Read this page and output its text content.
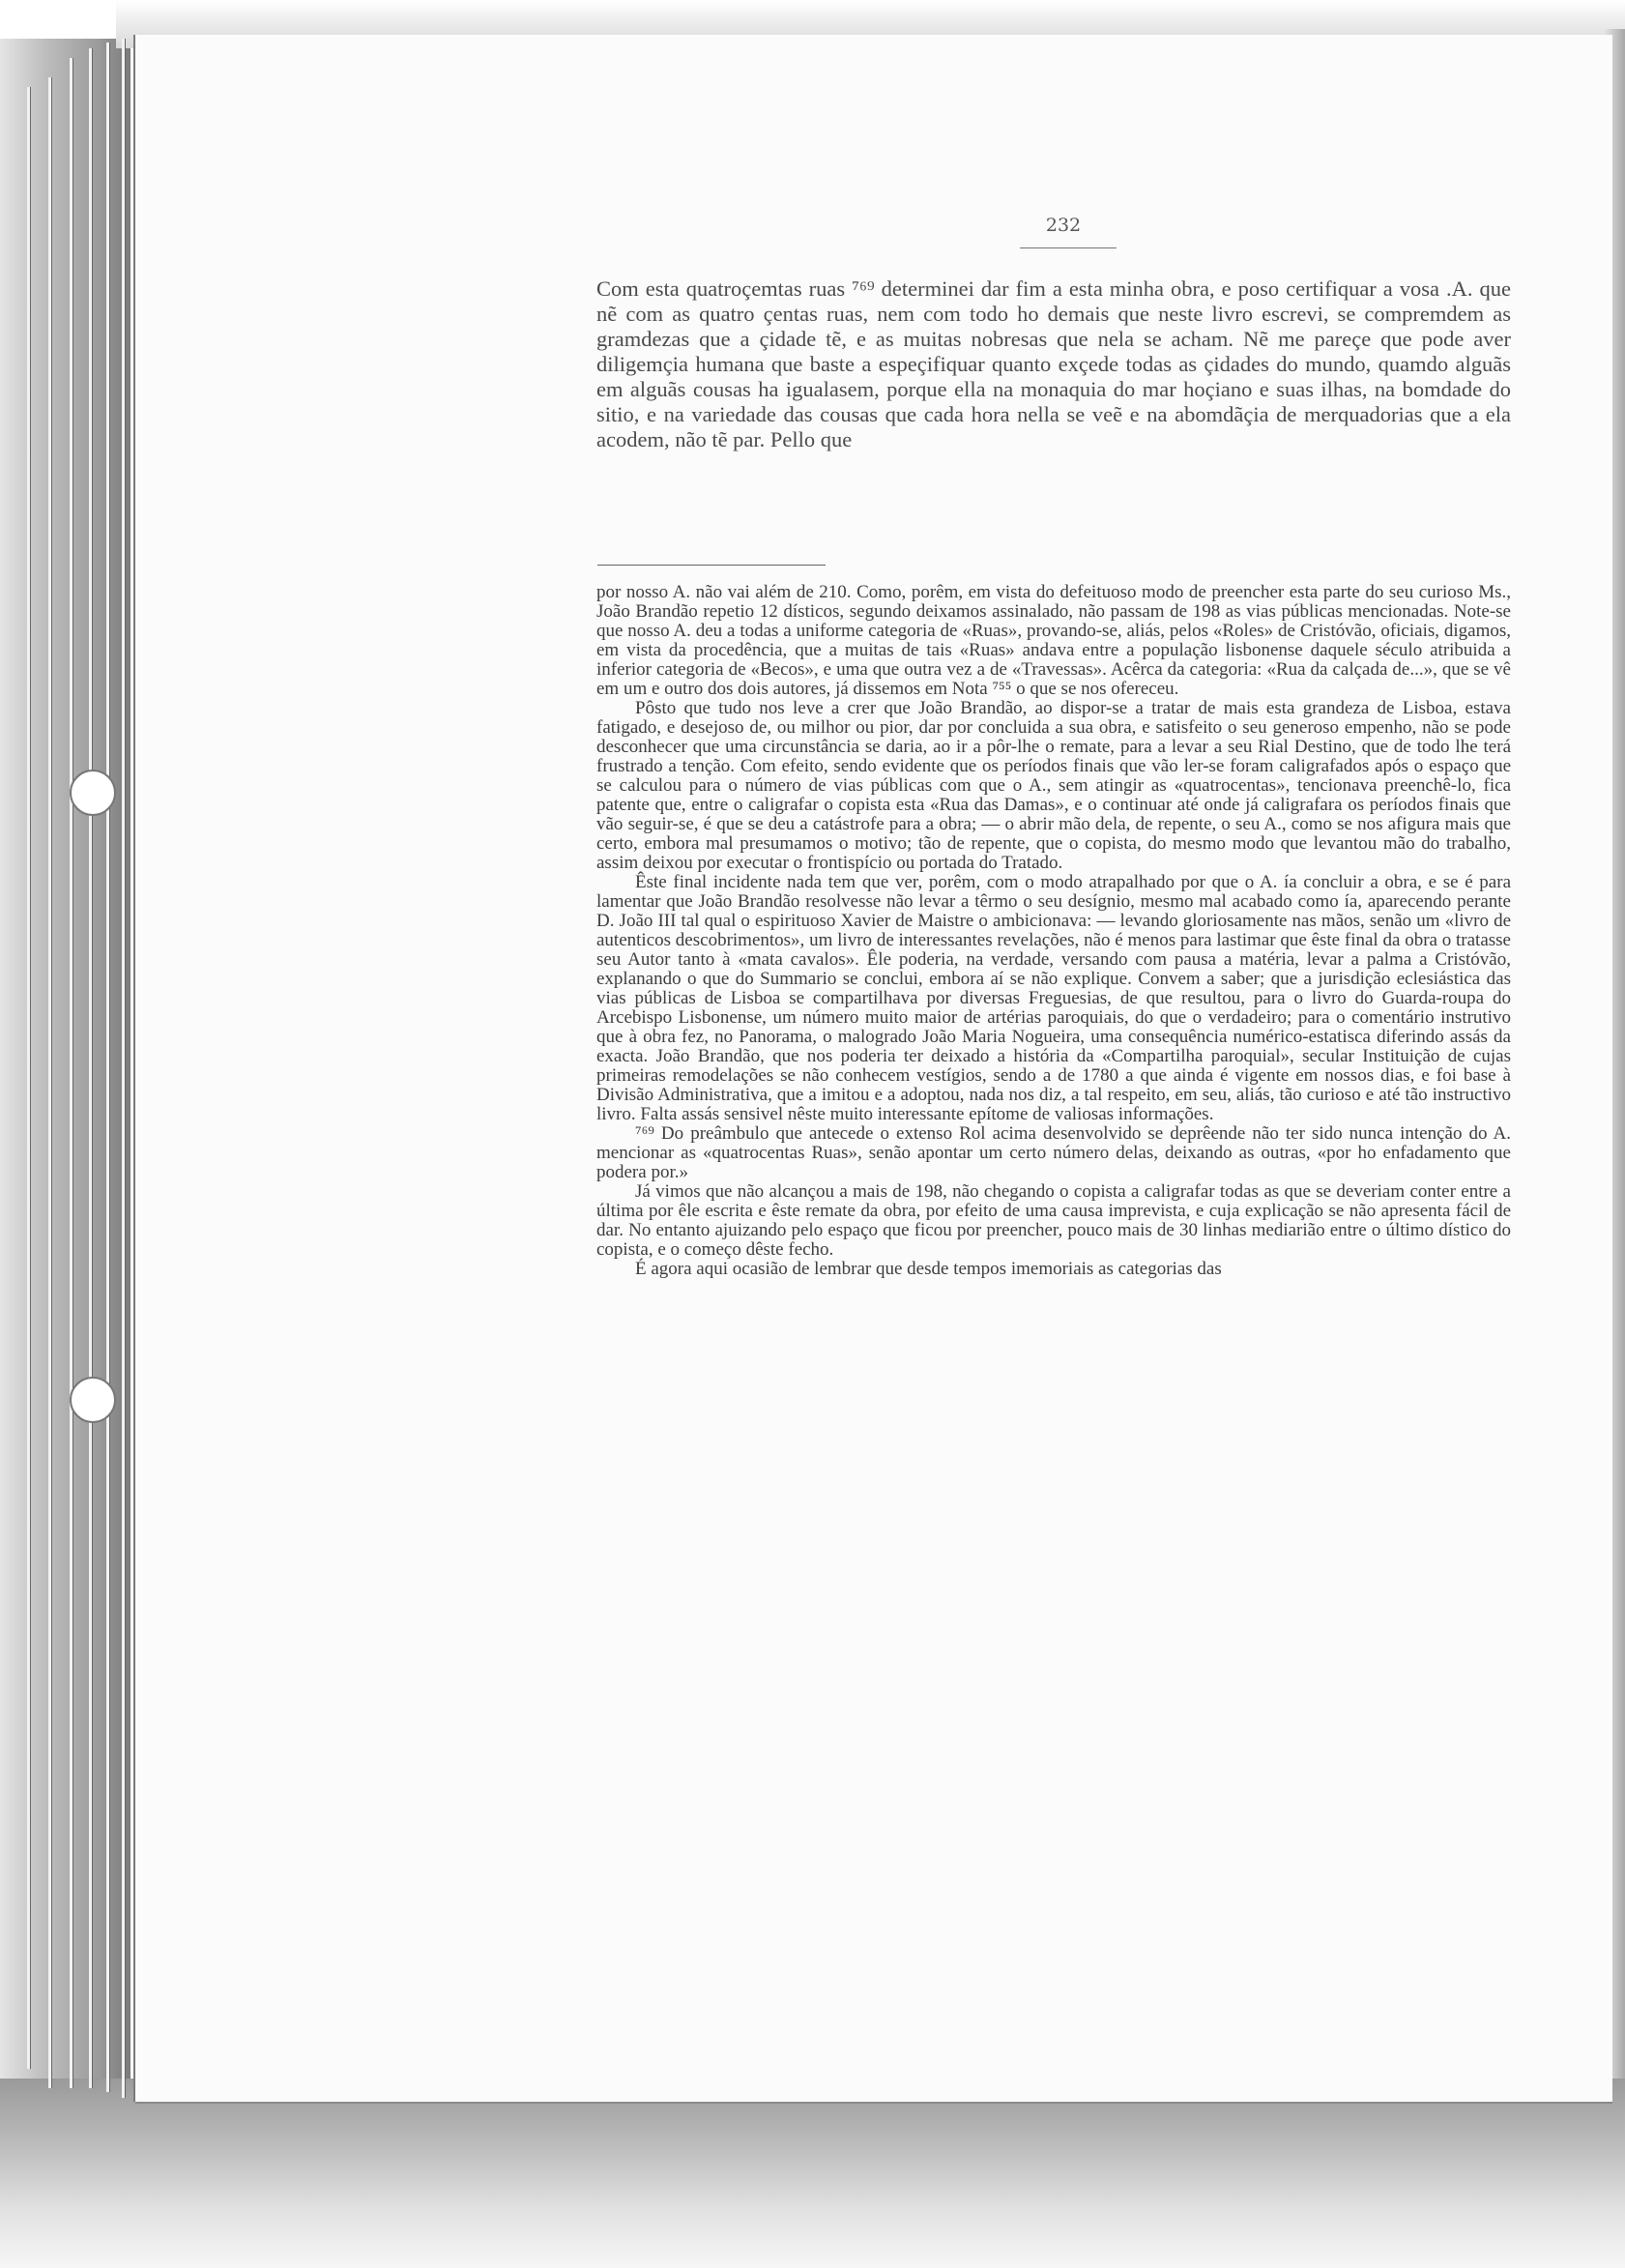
232
Com esta quatroçemtas ruas ⁷⁶⁹ determinei dar fim a esta minha obra, e poso certifiquar a vosa .A. que nẽ com as quatro çentas ruas, nem com todo ho demais que neste livro escrevi, se compremdem as gramdezas que a çidade tẽ, e as muitas nobresas que nela se acham. Nẽ me pareçe que pode aver diligemçia humana que baste a espeçifiquar quanto exçede todas as çidades do mundo, quamdo alguãs em alguãs cousas ha igualasem, porque ella na monaquia do mar hoçiano e suas ilhas, na bomdade do sitio, e na variedade das cousas que cada hora nella se veẽ e na abomdãçia de merquadorias que a ela acodem, não tẽ par. Pello que

por nosso A. não vai além de 210. Como, porêm, em vista do defeituoso modo de preencher esta parte do seu curioso Ms., João Brandão repetio 12 dísticos, segundo deixamos assinalado, não passam de 198 as vias públicas mencionadas. Note-se que nosso A. deu a todas a uniforme categoria de «Ruas», provando-se, aliás, pelos «Roles» de Cristóvão, oficiais, digamos, em vista da procedência, que a muitas de tais «Ruas» andava entre a população lisbonense daquele século atribuida a inferior categoria de «Becos», e uma que outra vez a de «Travessas». Acêrca da categoria: «Rua da calçada de...», que se vê em um e outro dos dois autores, já dissemos em Nota ⁷⁵⁵ o que se nos ofereceu.

Pôsto que tudo nos leve a crer que João Brandão, ao dispor-se a tratar de mais esta grandeza de Lisboa, estava fatigado, e desejoso de, ou milhor ou pior, dar por concluida a sua obra, e satisfeito o seu generoso empenho, não se pode desconhecer que uma circunstância se daria, ao ir a pôr-lhe o remate, para a levar a seu Rial Destino, que de todo lhe terá frustrado a tenção. Com efeito, sendo evidente que os períodos finais que vão ler-se foram caligrafados após o espaço que se calculou para o número de vias públicas com que o A., sem atingir as «quatrocentas», tencionava preenchê-lo, fica patente que, entre o caligrafar o copista esta «Rua das Damas», e o continuar até onde já caligrafara os períodos finais que vão seguir-se, é que se deu a catástrofe para a obra; — o abrir mão dela, de repente, o seu A., como se nos afigura mais que certo, embora mal presumamos o motivo; tão de repente, que o copista, do mesmo modo que levantou mão do trabalho, assim deixou por executar o frontispício ou portada do Tratado.

Êste final incidente nada tem que ver, porêm, com o modo atrapalhado por que o A. ía concluir a obra, e se é para lamentar que João Brandão resolvesse não levar a têrmo o seu desígnio, mesmo mal acabado como ía, aparecendo perante D. João III tal qual o espirituoso Xavier de Maistre o ambicionava: — levando gloriosamente nas mãos, senão um «livro de autenticos descobrimentos», um livro de interessantes revelações, não é menos para lastimar que êste final da obra o tratasse seu Autor tanto à «mata cavalos». Êle poderia, na verdade, versando com pausa a matéria, levar a palma a Cristóvão, explanando o que do Summario se conclui, embora aí se não explique. Convem a saber; que a jurisdição eclesiástica das vias públicas de Lisboa se compartilhava por diversas Freguesias, de que resultou, para o livro do Guarda-roupa do Arcebispo Lisbonense, um número muito maior de artérias paroquiais, do que o verdadeiro; para o comentário instrutivo que à obra fez, no Panorama, o malogrado João Maria Nogueira, uma consequência numérico-estatisca diferindo assás da exacta. João Brandão, que nos poderia ter deixado a história da «Compartilha paroquial», secular Instituição de cujas primeiras remodelações se não conhecem vestígios, sendo a de 1780 a que ainda é vigente em nossos dias, e foi base à Divisão Administrativa, que a imitou e a adoptou, nada nos diz, a tal respeito, em seu, aliás, tão curioso e até tão instructivo livro. Falta assás sensivel nêste muito interessante epítome de valiosas informações.

⁷⁶⁹ Do preâmbulo que antecede o extenso Rol acima desenvolvido se deprêende não ter sido nunca intenção do A. mencionar as «quatrocentas Ruas», senão apontar um certo número delas, deixando as outras, «por ho enfadamento que podera por.»

Já vimos que não alcançou a mais de 198, não chegando o copista a caligrafar todas as que se deveriam conter entre a última por êle escrita e êste remate da obra, por efeito de uma causa imprevista, e cuja explicação se não apresenta fácil de dar. No entanto ajuizando pelo espaço que ficou por preencher, pouco mais de 30 linhas mediarião entre o último dístico do copista, e o começo dêste fecho.

É agora aqui ocasião de lembrar que desde tempos imemoriais as categorias das
